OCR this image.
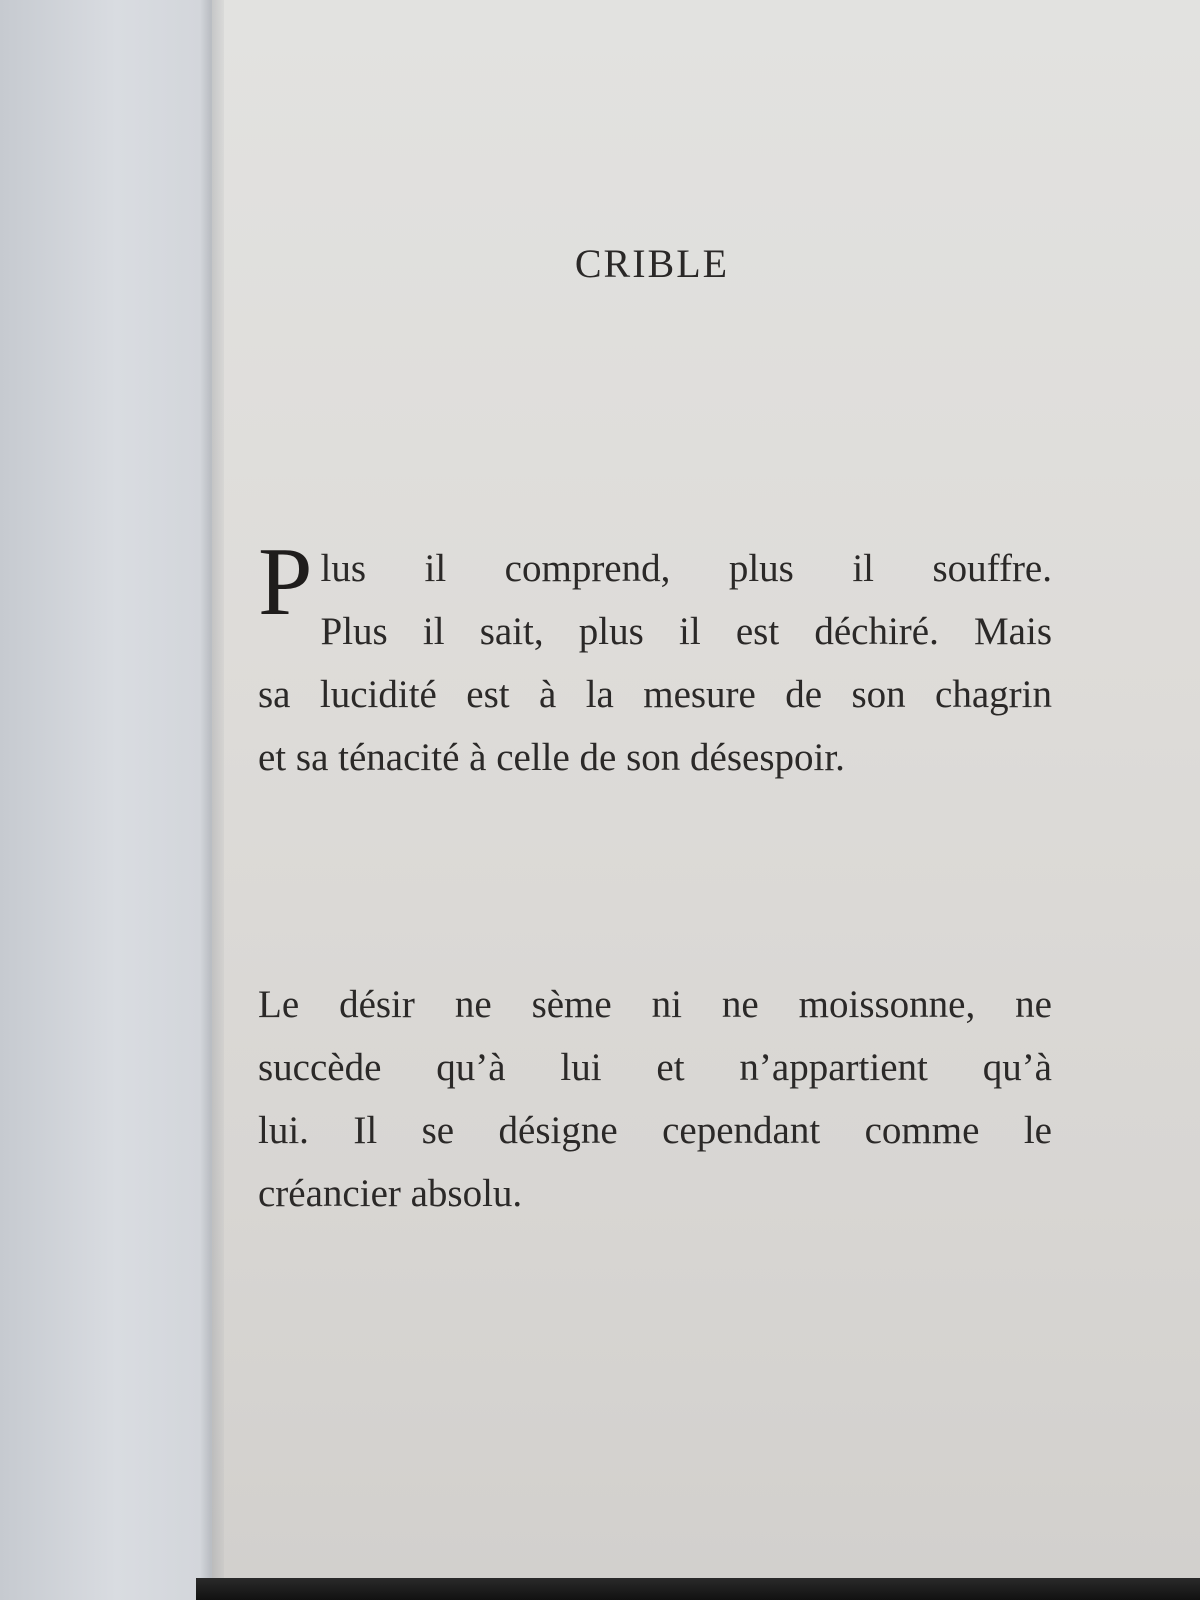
CRIBLE
P lus il comprend, plus il souffre.
Plus il sait, plus il est déchiré. Mais
sa lucidité est à la mesure de son chagrin
et sa ténacité à celle de son désespoir.
Le désir ne sème ni ne moissonne, ne
succède qu’à lui et n’appartient qu’à
lui. Il se désigne cependant comme le
créancier absolu.
